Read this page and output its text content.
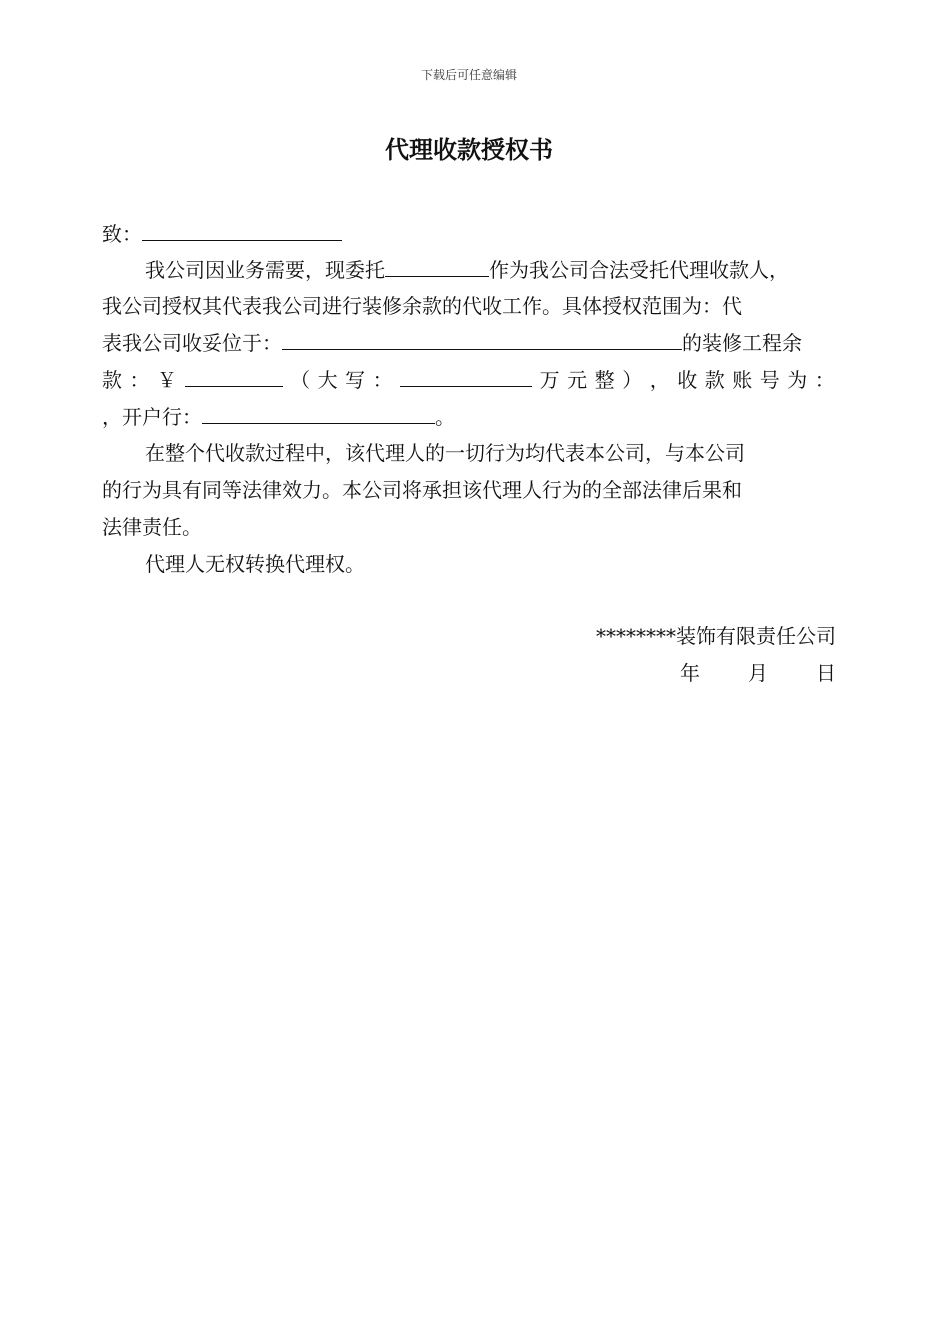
下载后可任意编辑
代理收款授权书
致：
我公司因业务需要，现委托	作为我公司合法受托代理收款人，
我公司授权其代表我公司进行装修余款的代收工作。具体授权范围为：代
表我公司收妥位于：	的装修工程余
款 ： ￥	（ 大 写 ：	万 元 整 ） ， 收 款 账 号 为 ：
，开户行：	。
在整个代收款过程中，该代理人的一切行为均代表本公司，与本公司
的行为具有同等法律效力。本公司将承担该代理人行为的全部法律后果和
法律责任。
代理人无权转换代理权。
********装饰有限责任公司
年 月 日
